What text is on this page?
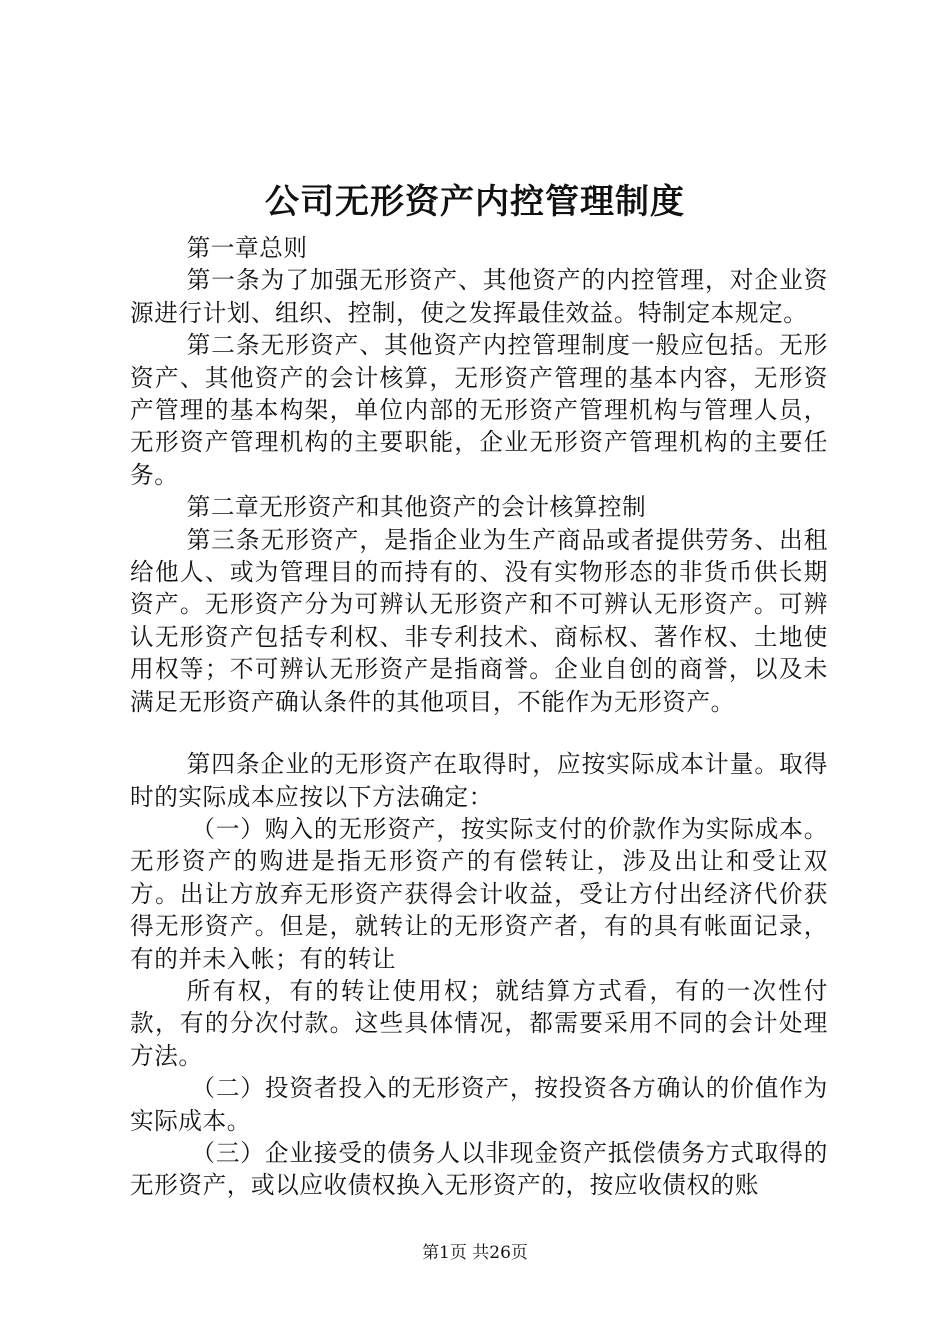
公司无形资产内控管理制度

第一章总则

第一条为了加强无形资产、其他资产的内控管理，对企业资源进行计划、组织、控制，使之发挥最佳效益。特制定本规定。

第二条无形资产、其他资产内控管理制度一般应包括。无形资产、其他资产的会计核算，无形资产管理的基本内容，无形资产管理的基本构架，单位内部的无形资产管理机构与管理人员，无形资产管理机构的主要职能，企业无形资产管理机构的主要任务。

第二章无形资产和其他资产的会计核算控制

第三条无形资产，是指企业为生产商品或者提供劳务、出租给他人、或为管理目的而持有的、没有实物形态的非货币供长期资产。无形资产分为可辨认无形资产和不可辨认无形资产。可辨认无形资产包括专利权、非专利技术、商标权、著作权、土地使用权等；不可辨认无形资产是指商誉。企业自创的商誉，以及未满足无形资产确认条件的其他项目，不能作为无形资产。

第四条企业的无形资产在取得时，应按实际成本计量。取得时的实际成本应按以下方法确定：

（一）购入的无形资产，按实际支付的价款作为实际成本。无形资产的购进是指无形资产的有偿转让，涉及出让和受让双方。出让方放弃无形资产获得会计收益，受让方付出经济代价获得无形资产。但是，就转让的无形资产者，有的具有帐面记录，有的并未入帐；有的转让

所有权，有的转让使用权；就结算方式看，有的一次性付款，有的分次付款。这些具体情况，都需要采用不同的会计处理方法。

（二）投资者投入的无形资产，按投资各方确认的价值作为实际成本。

（三）企业接受的债务人以非现金资产抵偿债务方式取得的无形资产，或以应收债权换入无形资产的，按应收债权的账

第1页 共26页
